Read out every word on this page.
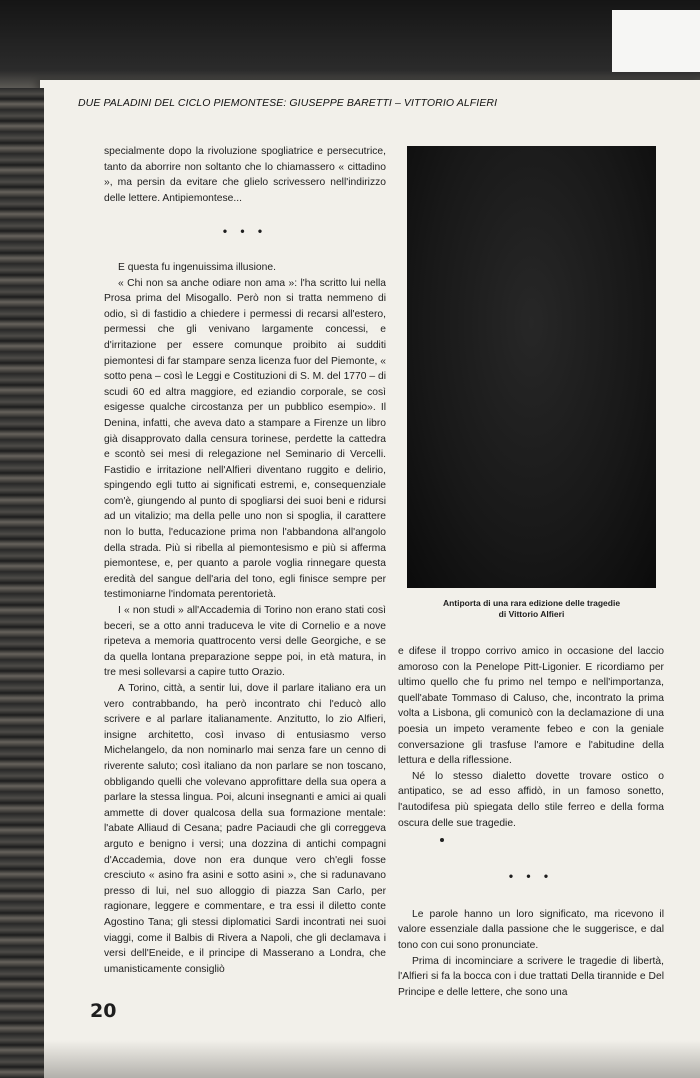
DUE PALADINI DEL CICLO PIEMONTESE: GIUSEPPE BARETTI – VITTORIO ALFIERI

specialmente dopo la rivoluzione spogliatrice e persecutrice, tanto da aborrire non soltanto che lo chiamassero « cittadino », ma persin da evitare che glielo scrivessero nell'indirizzo delle lettere. Antipiemontese...

• • •

E questa fu ingenuissima illusione.

« Chi non sa anche odiare non ama »: l'ha scritto lui nella Prosa prima del Misogallo. Però non si tratta nemmeno di odio, sì di fastidio a chiedere i permessi di recarsi all'estero, permessi che gli venivano largamente concessi, e d'irritazione per essere comunque proibito ai sudditi piemontesi di far stampare senza licenza fuor del Piemonte, « sotto pena – così le Leggi e Costituzioni di S. M. del 1770 – di scudi 60 ed altra maggiore, ed eziandio corporale, se così esigesse qualche circostanza per un pubblico esempio». Il Denina, infatti, che aveva dato a stampare a Firenze un libro già disapprovato dalla censura torinese, perdette la cattedra e scontò sei mesi di relegazione nel Seminario di Vercelli. Fastidio e irritazione nell'Alfieri diventano ruggito e delirio, spingendo egli tutto ai significati estremi, e, consequenziale com'è, giungendo al punto di spogliarsi dei suoi beni e ridursi ad un vitalizio; ma della pelle uno non si spoglia, il carattere non lo butta, l'educazione prima non l'abbandona all'angolo della strada. Più si ribella al piemontesismo e più si afferma piemontese, e, per quanto a parole voglia rinnegare questa eredità del sangue dell'aria del tono, egli finisce sempre per testimoniarne l'indomata perentorietà.

I « non studi » all'Accademia di Torino non erano stati così beceri, se a otto anni traduceva le vite di Cornelio e a nove ripeteva a memoria quattrocento versi delle Georgiche, e se da quella lontana preparazione seppe poi, in età matura, in tre mesi sollevarsi a capire tutto Orazio.

A Torino, città, a sentir lui, dove il parlare italiano era un vero contrabbando, ha però incontrato chi l'educò allo scrivere e al parlare italianamente. Anzitutto, lo zio Alfieri, insigne architetto, così invaso di entusiasmo verso Michelangelo, da non nominarlo mai senza fare un cenno di riverente saluto; così italiano da non parlare se non toscano, obbligando quelli che volevano approfittare della sua opera a parlare la stessa lingua. Poi, alcuni insegnanti e amici ai quali ammette di dover qualcosa della sua formazione mentale: l'abate Alliaud di Cesana; padre Paciaudi che gli correggeva arguto e benigno i versi; una dozzina di antichi compagni d'Accademia, dove non era dunque vero ch'egli fosse cresciuto « asino fra asini e sotto asini », che si radunavano presso di lui, nel suo alloggio di piazza San Carlo, per ragionare, leggere e commentare, e tra essi il diletto conte Agostino Tana; gli stessi diplomatici Sardi incontrati nei suoi viaggi, come il Balbis di Rivera a Napoli, che gli declamava i versi dell'Eneide, e il principe di Masserano a Londra, che umanisticamente consigliò

Antiporta di una rara edizione delle tragedie
di Vittorio Alfieri

e difese il troppo corrivo amico in occasione del laccio amoroso con la Penelope Pitt-Ligonier. E ricordiamo per ultimo quello che fu primo nel tempo e nell'importanza, quell'abate Tommaso di Caluso, che, incontrato la prima volta a Lisbona, gli comunicò con la declamazione di una poesia un impeto veramente febeo e con la geniale conversazione gli trasfuse l'amore e l'abitudine della lettura e della riflessione.

Né lo stesso dialetto dovette trovare ostico o antipatico, se ad esso affidò, in un famoso sonetto, l'autodifesa più spiegata dello stile ferreo e della forma oscura delle sue tragedie.

• • •

Le parole hanno un loro significato, ma ricevono il valore essenziale dalla passione che le suggerisce, e dal tono con cui sono pronunciate.

Prima di incominciare a scrivere le tragedie di libertà, l'Alfieri si fa la bocca con i due trattati Della tirannide e Del Principe e delle lettere, che sono una

20
